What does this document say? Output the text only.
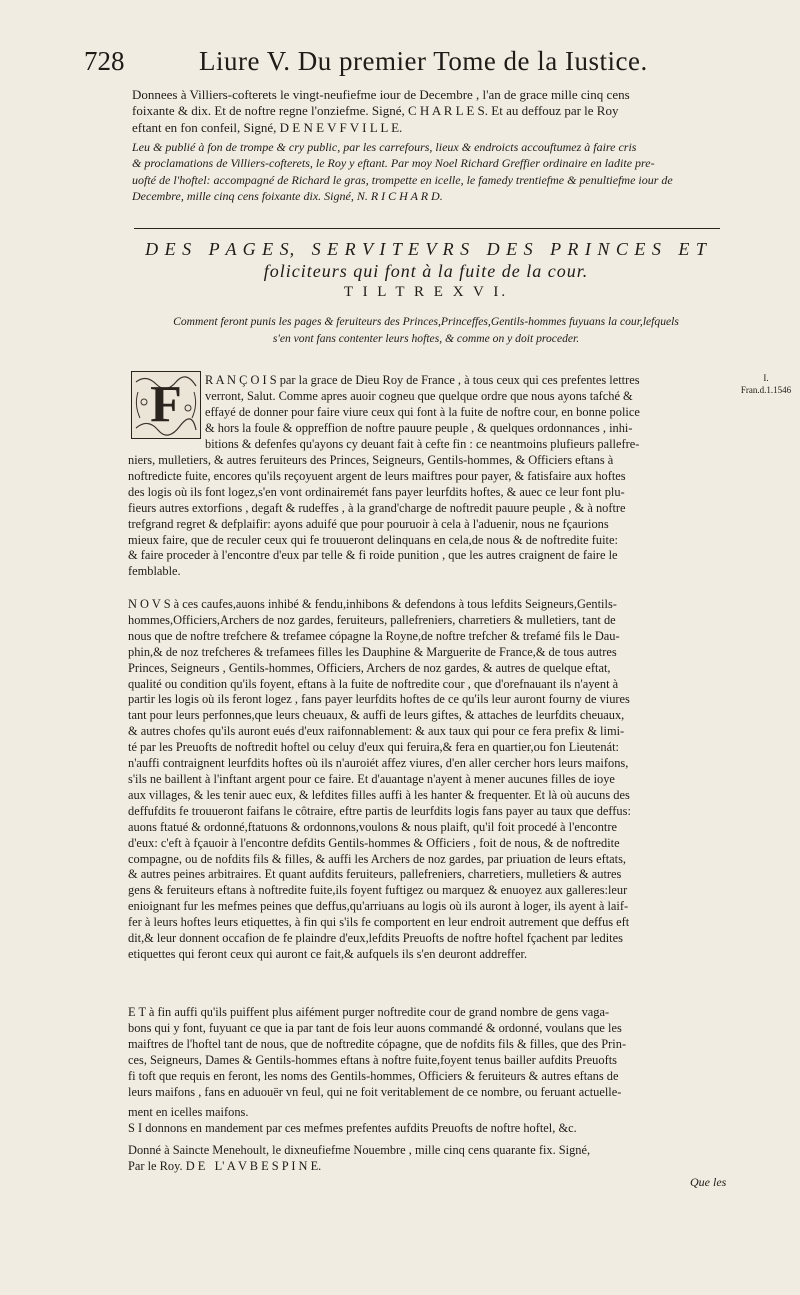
728	Liure V. Du premier Tome de la Iustice.
Donnees à Villiers-cofterets le vingt-neufiefme iour de Decembre , l'an de grace mille cinq cens
foixante & dix. Et de noftre regne l'onziefme. Signé, C H A R L E S. Et au deffouz par le Roy
eftant en fon confeil, Signé, D E N E V F V I L L E.
Leu & publié à fon de trompe & cry public, par les carrefours, lieux & endroicts accouftumez à faire cris
& proclamations de Villiers-cofterets, le Roy y eftant. Par moy Noel Richard Greffier ordinaire en ladite pre-
uofté de l'hoftel: accompagné de Richard le gras, trompette en icelle, le famedy trentiefme & penultiefme iour de
Decembre, mille cinq cens foixante dix. Signé, N. R I C H A R D.
D E S   P A G E S,   S E R V I T E V R S   D E S   P R I N C E S   E T
foliciteurs qui font à la fuite de la cour.
T I L T R E X V I.
Comment feront punis les pages & feruiteurs des Princes,Princeffes,Gentils-hommes fuyuans la cour,lefquels
s'en vont fans contenter leurs hoftes, & comme on y doit proceder.
F	R A N Ç O I S par la grace de Dieu Roy de France , à tous ceux qui ces prefentes lettres
verront, Salut. Comme apres auoir cogneu que quelque ordre que nous ayons tafché &
effayé de donner pour faire viure ceux qui font à la fuite de noftre cour, en bonne police
& hors la foule & oppreffion de noftre pauure peuple , & quelques ordonnances , inhi-
bitions & defenfes qu'ayons cy deuant fait à cefte fin : ce neantmoins plufieurs pallefre-
I.
Fran.d.1.1546
niers, mulletiers, & autres feruiteurs des Princes, Seigneurs, Gentils-hommes, & Officiers eftans à
noftredicte fuite, encores qu'ils reçoyuent argent de leurs maiftres pour payer, & fatisfaire aux hoftes
des logis où ils font logez,s'en vont ordinairemét fans payer leurfdits hoftes, & auec ce leur font plu-
fieurs autres extorfions , degaft & rudeffes , à la grand'charge de noftredit pauure peuple , & à noftre
trefgrand regret & defplaifir: ayons aduifé que pour pouruoir à cela à l'aduenir, nous ne fçaurions
mieux faire, que de reculer ceux qui fe trouueront delinquans en cela,de nous & de noftredite fuite:
& faire proceder à l'encontre d'eux par telle & fi roide punition , que les autres craignent de faire le
femblable.
N O V S à ces caufes,auons inhibé & fendu,inhibons & defendons à tous lefdits Seigneurs,Gentils-
hommes,Officiers,Archers de noz gardes, feruiteurs, pallefreniers, charretiers & mulletiers, tant de
nous que de noftre trefchere & trefamee cópagne la Royne,de noftre trefcher & trefamé fils le Dau-
phin,& de noz trefcheres & trefamees filles les Dauphine & Marguerite de France,& de tous autres
Princes, Seigneurs , Gentils-hommes, Officiers, Archers de noz gardes, & autres de quelque eftat,
qualité ou condition qu'ils foyent, eftans à la fuite de noftredite cour , que d'orefnauant ils n'ayent à
partir les logis où ils feront logez , fans payer leurfdits hoftes de ce qu'ils leur auront fourny de viures
tant pour leurs perfonnes,que leurs cheuaux, & auffi de leurs giftes, & attaches de leurfdits cheuaux,
& autres chofes qu'ils auront eués d'eux raifonnablement: & aux taux qui pour ce fera prefix & limi-
té par les Preuofts de noftredit hoftel ou celuy d'eux qui feruira,& fera en quartier,ou fon Lieutenát:
n'auffi contraignent leurfdits hoftes où ils n'auroiét affez viures, d'en aller cercher hors leurs maifons,
s'ils ne baillent à l'inftant argent pour ce faire. Et d'auantage n'ayent à mener aucunes filles de ioye
aux villages, & les tenir auec eux, & lefdites filles auffi à les hanter & frequenter. Et là où aucuns des
deffufdits fe trouueront faifans le côtraire, eftre partis de leurfdits logis fans payer au taux que deffus:
auons ftatué & ordonné,ftatuons & ordonnons,voulons & nous plaift, qu'il foit procedé à l'encontre
d'eux: c'eft à fçauoir à l'encontre defdits Gentils-hommes & Officiers , foit de nous, & de noftredite
compagne, ou de nofdits fils & filles, & auffi les Archers de noz gardes, par priuation de leurs eftats,
& autres peines arbitraires. Et quant aufdits feruiteurs, pallefreniers, charretiers, mulletiers & autres
gens & feruiteurs eftans à noftredite fuite,ils foyent fuftigez ou marquez & enuoyez aux galleres:leur
enioignant fur les mefmes peines que deffus,qu'arriuans au logis où ils auront à loger, ils ayent à laif-
fer à leurs hoftes leurs etiquettes, à fin qui s'ils fe comportent en leur endroit autrement que deffus eft
dit,& leur donnent occafion de fe plaindre d'eux,lefdits Preuofts de noftre hoftel fçachent par ledites
etiquettes qui feront ceux qui auront ce fait,& aufquels ils s'en deuront addreffer.
E T à fin auffi qu'ils puiffent plus aifément purger noftredite cour de grand nombre de gens vaga-
bons qui y font, fuyuant ce que ia par tant de fois leur auons commandé & ordonné, voulans que les
maiftres de l'hoftel tant de nous, que de noftredite cópagne, que de nofdits fils & filles, que des Prin-
ces, Seigneurs, Dames & Gentils-hommes eftans à noftre fuite,foyent tenus bailler aufdits Preuofts
fi toft que requis en feront, les noms des Gentils-hommes, Officiers & feruiteurs & autres eftans de
leurs maifons , fans en aduouër vn feul, qui ne foit veritablement de ce nombre, ou feruant actuelle-
ment en icelles maifons.
S I donnons en mandement par ces mefmes prefentes aufdits Preuofts de noftre hoftel, &c.
Donné à Saincte Menehoult, le dixneufiefme Nouembre , mille cinq cens quarante fix. Signé,
Par le Roy. D E   L' A V B E S P I N E.
Que les
